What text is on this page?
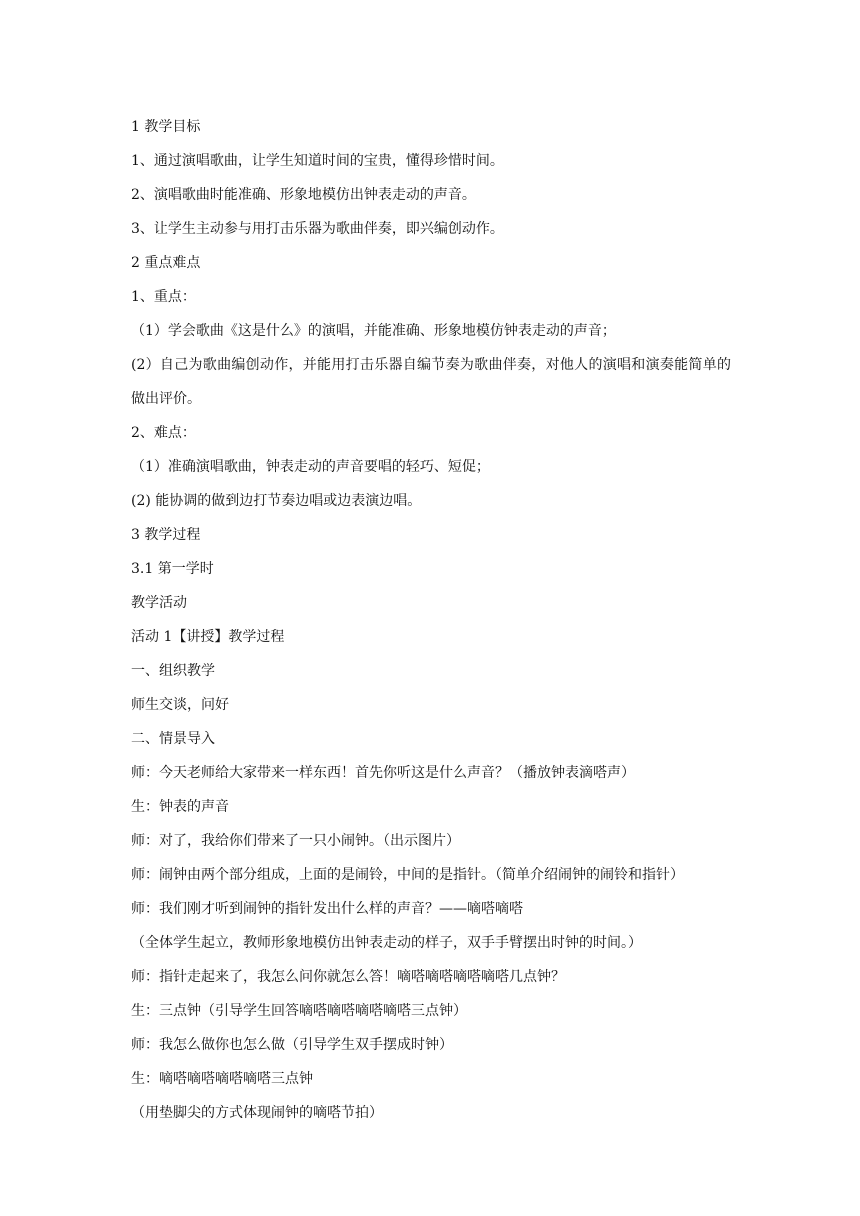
1 教学目标
1、通过演唱歌曲，让学生知道时间的宝贵，懂得珍惜时间。
2、演唱歌曲时能准确、形象地模仿出钟表走动的声音。
3、让学生主动参与用打击乐器为歌曲伴奏，即兴编创动作。
2 重点难点
1、重点：
（1）学会歌曲《这是什么》的演唱，并能准确、形象地模仿钟表走动的声音；
(2）自己为歌曲编创动作，并能用打击乐器自编节奏为歌曲伴奏，对他人的演唱和演奏能简单的做出评价。
2、难点：
（1）准确演唱歌曲，钟表走动的声音要唱的轻巧、短促；
(2) 能协调的做到边打节奏边唱或边表演边唱。
3 教学过程
3.1 第一学时
教学活动
活动 1【讲授】教学过程
一、组织教学
师生交谈，问好
二、情景导入
师：今天老师给大家带来一样东西！首先你听这是什么声音？（播放钟表滴嗒声）
生：钟表的声音
师：对了，我给你们带来了一只小闹钟。（出示图片）
师：闹钟由两个部分组成，上面的是闹铃，中间的是指针。（简单介绍闹钟的闹铃和指针）
师：我们刚才听到闹钟的指针发出什么样的声音？——嘀嗒嘀嗒
（全体学生起立，教师形象地模仿出钟表走动的样子，双手手臂摆出时钟的时间。）
师：指针走起来了，我怎么问你就怎么答！嘀嗒嘀嗒嘀嗒嘀嗒几点钟？
生：三点钟（引导学生回答嘀嗒嘀嗒嘀嗒嘀嗒三点钟）
师：我怎么做你也怎么做（引导学生双手摆成时钟）
生：嘀嗒嘀嗒嘀嗒嘀嗒三点钟
（用垫脚尖的方式体现闹钟的嘀嗒节拍）
